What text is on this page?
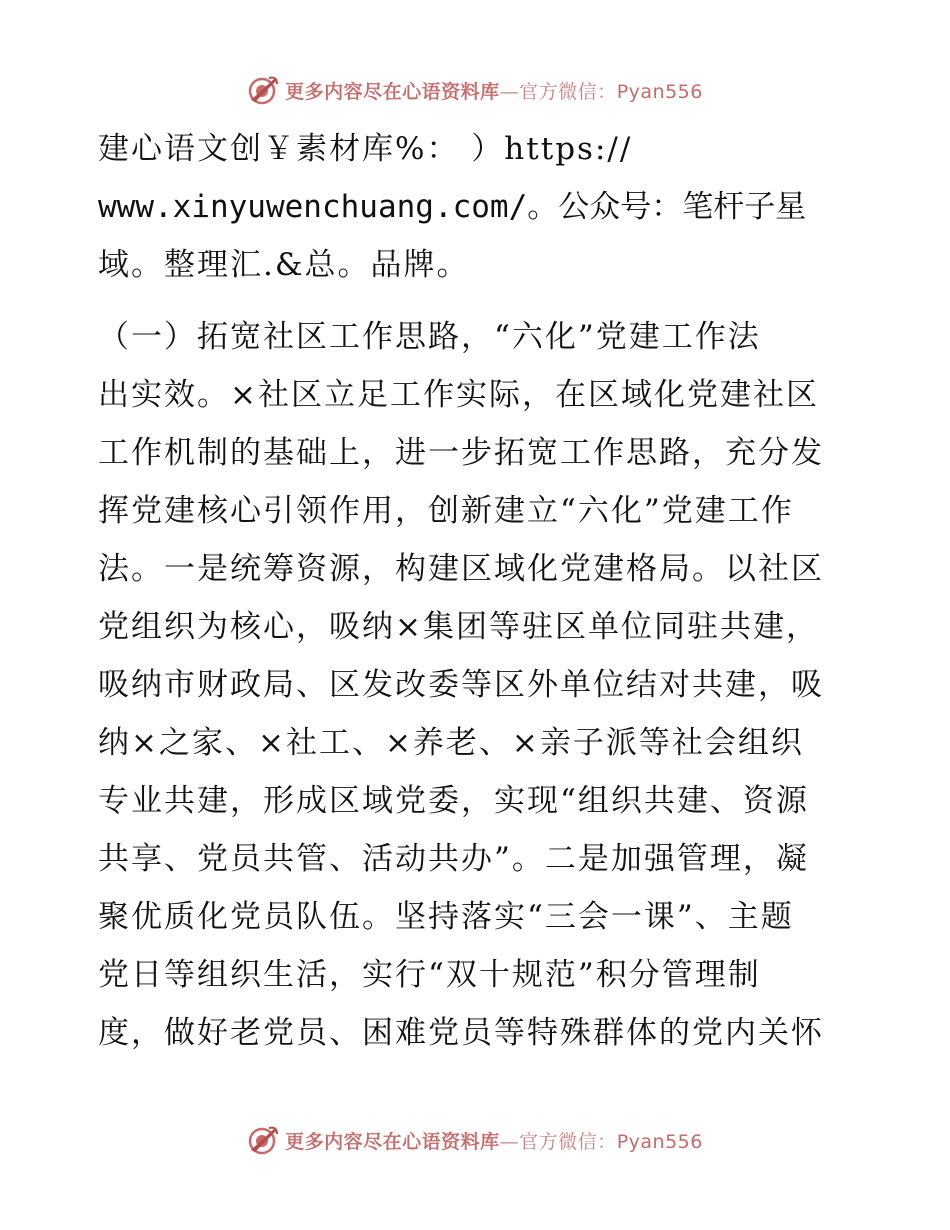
更多内容尽在心语资料库—官方微信：Pyan556
建心语文创￥素材库%： ）https://
www.xinyuwenchuang.com/。公众号：笔杆子星
域。整理汇.&总。品牌。
（一）拓宽社区工作思路，“六化”党建工作法
出实效。×社区立足工作实际，在区域化党建社区
工作机制的基础上，进一步拓宽工作思路，充分发
挥党建核心引领作用，创新建立“六化”党建工作
法。一是统筹资源，构建区域化党建格局。以社区
党组织为核心，吸纳×集团等驻区单位同驻共建，
吸纳市财政局、区发改委等区外单位结对共建，吸
纳×之家、×社工、×养老、×亲子派等社会组织
专业共建，形成区域党委，实现“组织共建、资源
共享、党员共管、活动共办”。二是加强管理，凝
聚优质化党员队伍。坚持落实“三会一课”、主题
党日等组织生活，实行“双十规范”积分管理制
度，做好老党员、困难党员等特殊群体的党内关怀
更多内容尽在心语资料库—官方微信：Pyan556
